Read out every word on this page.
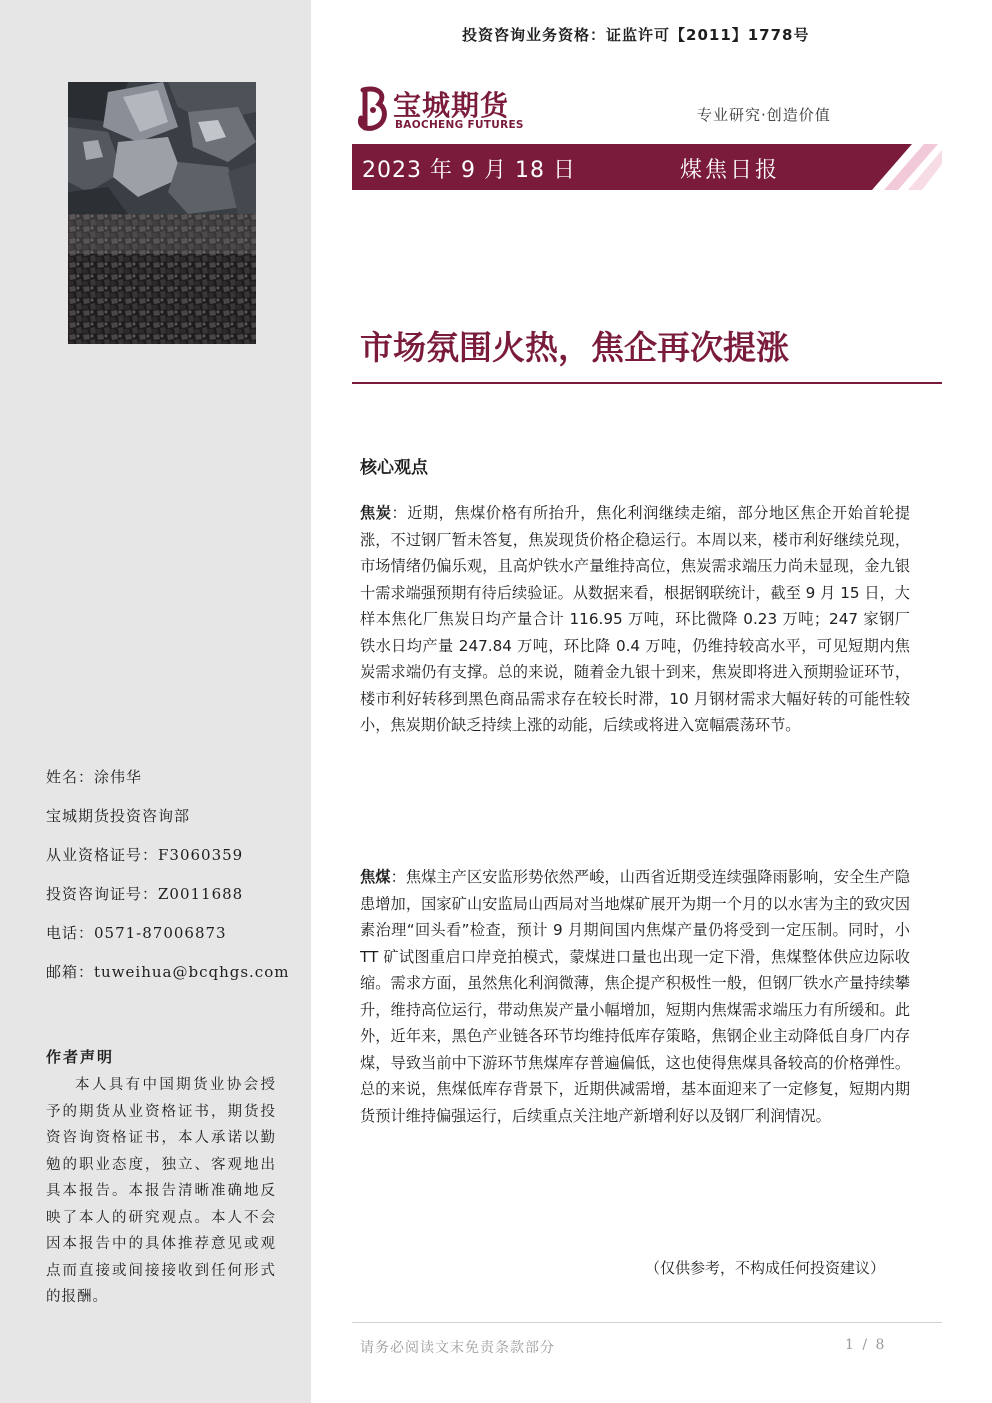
投资咨询业务资格：证监许可【2011】1778号
宝城期货
BAOCHENG FUTURES
专业研究·创造价值
2023 年 9 月 18 日	煤焦日报
市场氛围火热，焦企再次提涨
核心观点
焦炭：近期，焦煤价格有所抬升，焦化利润继续走缩，部分地区焦企开始首轮提涨，不过钢厂暂未答复，焦炭现货价格企稳运行。本周以来，楼市利好继续兑现，市场情绪仍偏乐观，且高炉铁水产量维持高位，焦炭需求端压力尚未显现，金九银十需求端强预期有待后续验证。从数据来看，根据钢联统计，截至 9 月 15 日，大样本焦化厂焦炭日均产量合计 116.95 万吨，环比微降 0.23 万吨；247 家钢厂铁水日均产量 247.84 万吨，环比降 0.4 万吨，仍维持较高水平，可见短期内焦炭需求端仍有支撑。总的来说，随着金九银十到来，焦炭即将进入预期验证环节，楼市利好转移到黑色商品需求存在较长时滞，10 月钢材需求大幅好转的可能性较小，焦炭期价缺乏持续上涨的动能，后续或将进入宽幅震荡环节。
焦煤：焦煤主产区安监形势依然严峻，山西省近期受连续强降雨影响，安全生产隐患增加，国家矿山安监局山西局对当地煤矿展开为期一个月的以水害为主的致灾因素治理“回头看”检查，预计 9 月期间国内焦煤产量仍将受到一定压制。同时，小 TT 矿试图重启口岸竞拍模式，蒙煤进口量也出现一定下滑，焦煤整体供应边际收缩。需求方面，虽然焦化利润微薄，焦企提产积极性一般，但钢厂铁水产量持续攀升，维持高位运行，带动焦炭产量小幅增加，短期内焦煤需求端压力有所缓和。此外，近年来，黑色产业链各环节均维持低库存策略，焦钢企业主动降低自身厂内存煤，导致当前中下游环节焦煤库存普遍偏低，这也使得焦煤具备较高的价格弹性。总的来说，焦煤低库存背景下，近期供减需增，基本面迎来了一定修复，短期内期货预计维持偏强运行，后续重点关注地产新增利好以及钢厂利润情况。
（仅供参考，不构成任何投资建议）
姓名：涂伟华
宝城期货投资咨询部
从业资格证号：F3060359
投资咨询证号：Z0011688
电话：0571-87006873
邮箱：tuweihua@bcqhgs.com
作者声明
本人具有中国期货业协会授予的期货从业资格证书，期货投资咨询资格证书，本人承诺以勤勉的职业态度，独立、客观地出具本报告。本报告清晰准确地反映了本人的研究观点。本人不会因本报告中的具体推荐意见或观点而直接或间接接收到任何形式的报酬。
请务必阅读文末免责条款部分	1 / 8
